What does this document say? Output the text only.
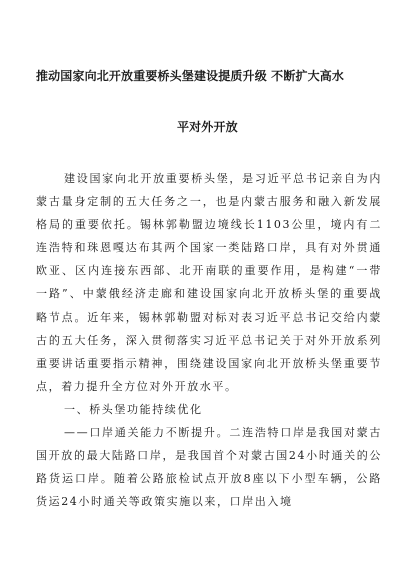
推动国家向北开放重要桥头堡建设提质升级 不断扩大高水
平对外开放

建设国家向北开放重要桥头堡，是习近平总书记亲自为内蒙古量身定制的五大任务之一，也是内蒙古服务和融入新发展格局的重要依托。锡林郭勒盟边境线长1103公里，境内有二连浩特和珠恩嘎达布其两个国家一类陆路口岸，具有对外贯通欧亚、区内连接东西部、北开南联的重要作用，是构建“一带一路”、中蒙俄经济走廊和建设国家向北开放桥头堡的重要战略节点。近年来，锡林郭勒盟对标对表习近平总书记交给内蒙古的五大任务，深入贯彻落实习近平总书记关于对外开放系列重要讲话重要指示精神，围绕建设国家向北开放桥头堡重要节点，着力提升全方位对外开放水平。

一、桥头堡功能持续优化

——口岸通关能力不断提升。二连浩特口岸是我国对蒙古国开放的最大陆路口岸，是我国首个对蒙古国24小时通关的公路货运口岸。随着公路旅检试点开放8座以下小型车辆，公路货运24小时通关等政策实施以来，口岸出入境
